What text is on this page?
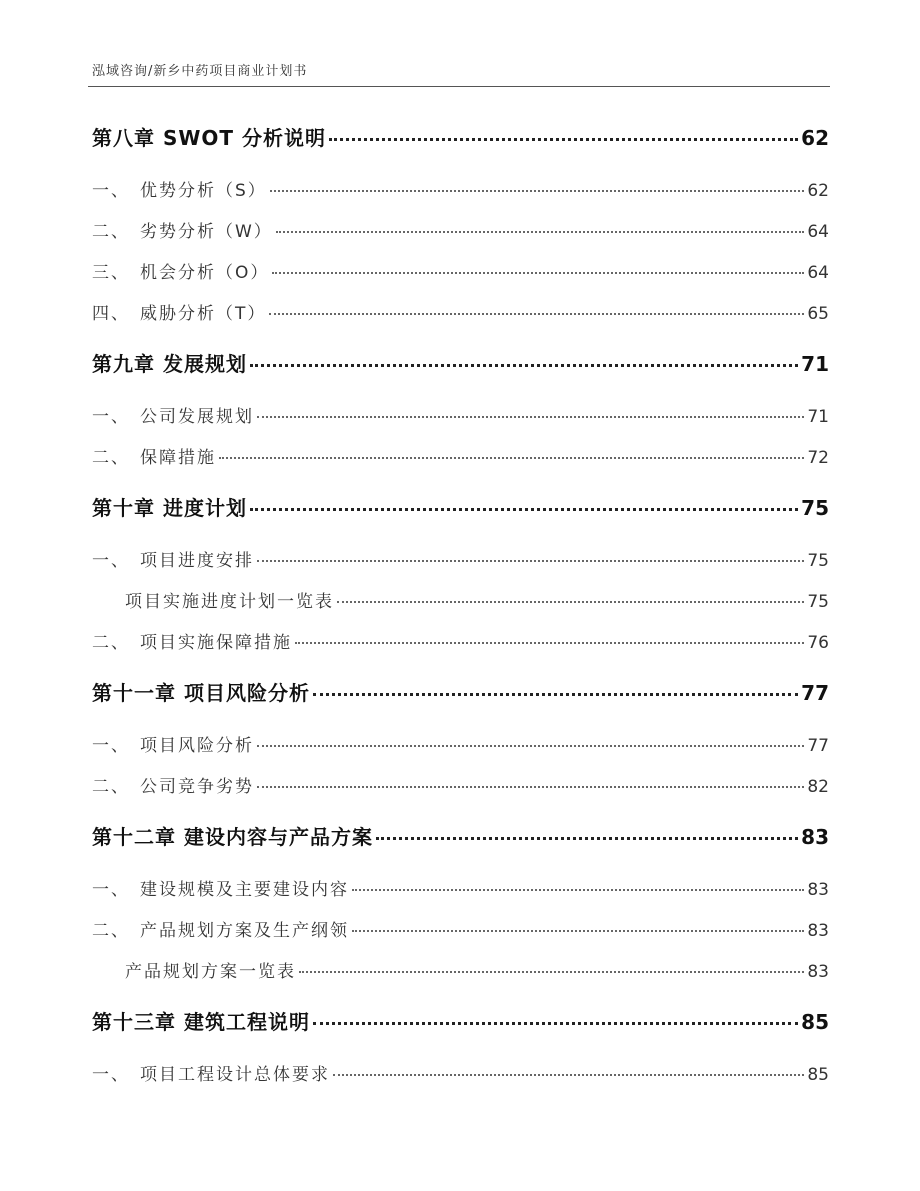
泓域咨询/新乡中药项目商业计划书
第八章 SWOT 分析说明	62
一、 优势分析（S）	62
二、 劣势分析（W）	64
三、 机会分析（O）	64
四、 威胁分析（T）	65
第九章 发展规划	71
一、 公司发展规划	71
二、 保障措施	72
第十章 进度计划	75
一、 项目进度安排	75
项目实施进度计划一览表	75
二、 项目实施保障措施	76
第十一章 项目风险分析	77
一、 项目风险分析	77
二、 公司竞争劣势	82
第十二章 建设内容与产品方案	83
一、 建设规模及主要建设内容	83
二、 产品规划方案及生产纲领	83
产品规划方案一览表	83
第十三章 建筑工程说明	85
一、 项目工程设计总体要求	85
